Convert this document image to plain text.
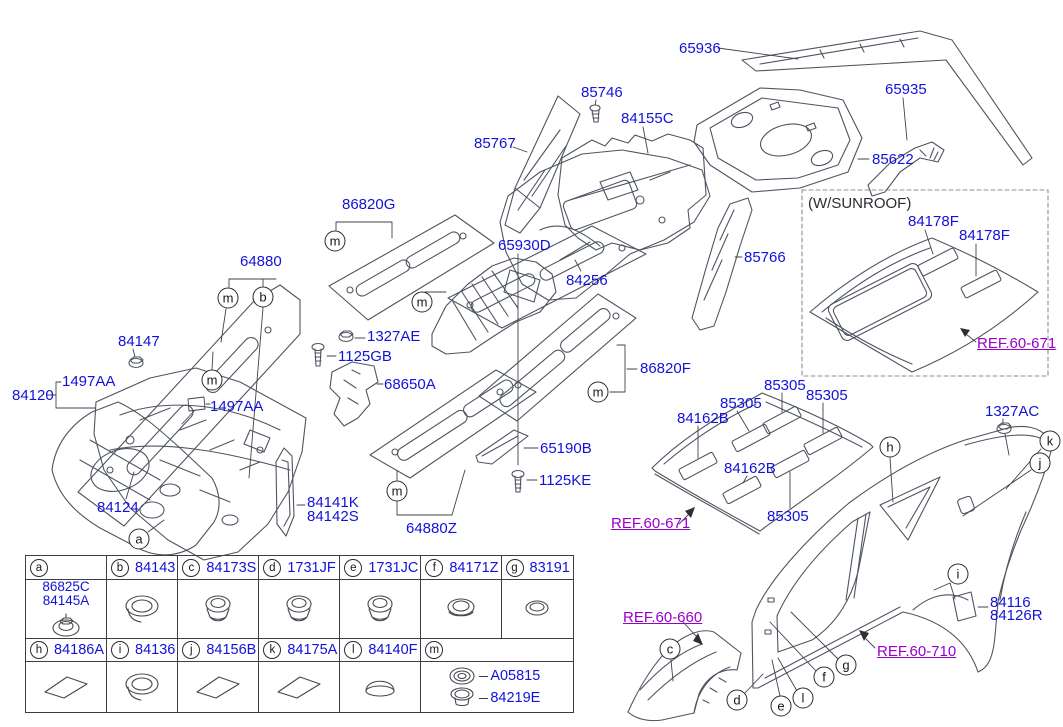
(W/SUNROOF)
65936
85746
84155C
85767
65935
85622
86820G
64880
65930D
84256
85766
1327AE
1125GB
84147
1497AA
84120
1497AA
68650A
86820F
84141K
84142S
84124
64880Z
65190B
1125KE
84162B
85305
85305
85305
84162B
85305
1327AC
84116
84126R
84178F
84178F
REF.60-671
REF.60-671
REF.60-660
REF.60-710
m
m	b
m
m
m
m
a
h	k
j
i
c
d	e
l
f
g
a	b 84143	c 84173S	d 1731JF	e 1731JC	f 84171Z	g 83191

86825C
84145A

h 84186A	i 84136	j 84156B	k 84175A	l 84140F	m	

A05815
84219E	
